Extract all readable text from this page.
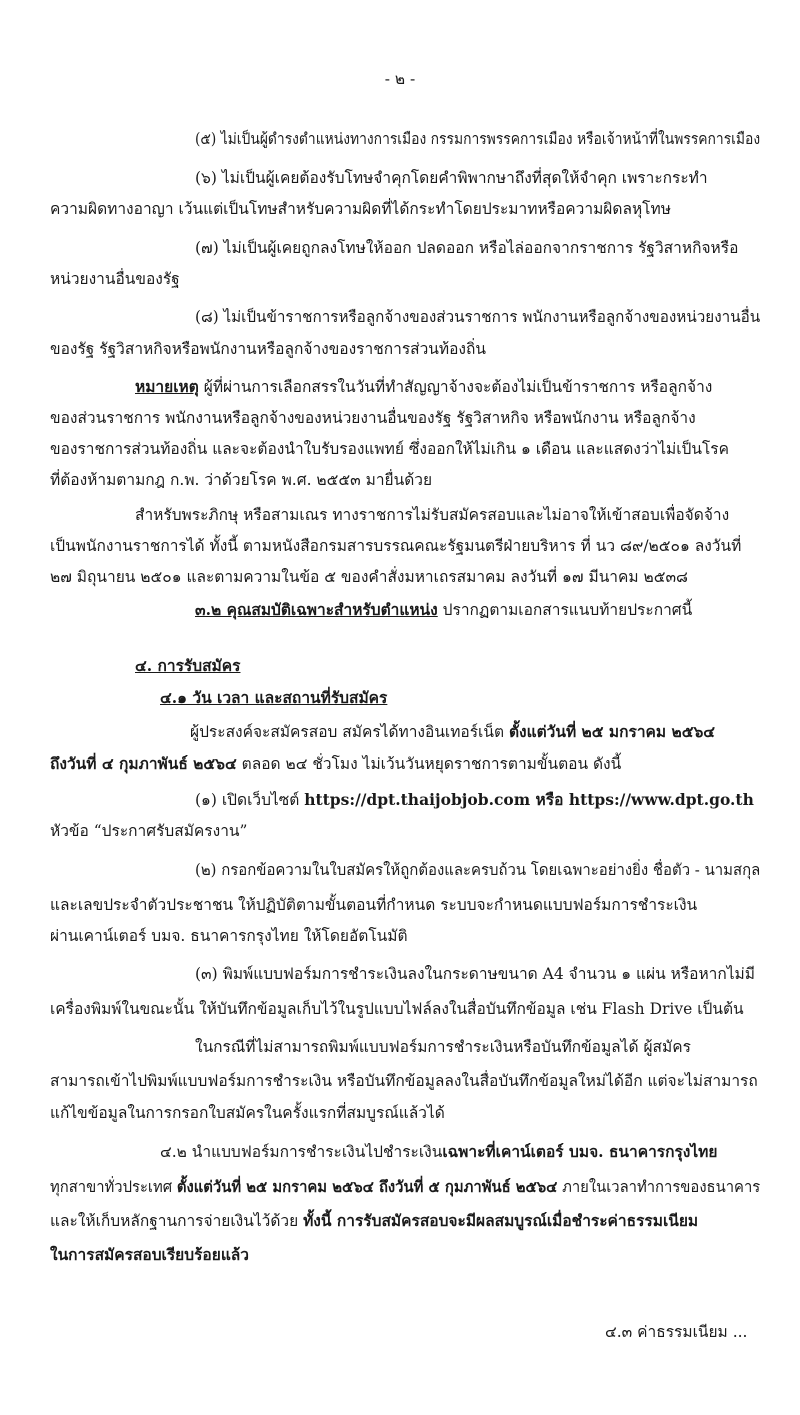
- ๒ -
(๕) ไม่เป็นผู้ดำรงตำแหน่งทางการเมือง กรรมการพรรคการเมือง หรือเจ้าหน้าที่ในพรรคการเมือง
(๖) ไม่เป็นผู้เคยต้องรับโทษจำคุกโดยคำพิพากษาถึงที่สุดให้จำคุก เพราะกระทำ
ความผิดทางอาญา เว้นแต่เป็นโทษสำหรับความผิดที่ได้กระทำโดยประมาทหรือความผิดลหุโทษ
(๗) ไม่เป็นผู้เคยถูกลงโทษให้ออก ปลดออก หรือไล่ออกจากราชการ รัฐวิสาหกิจหรือ
หน่วยงานอื่นของรัฐ
(๘) ไม่เป็นข้าราชการหรือลูกจ้างของส่วนราชการ พนักงานหรือลูกจ้างของหน่วยงานอื่น
ของรัฐ รัฐวิสาหกิจหรือพนักงานหรือลูกจ้างของราชการส่วนท้องถิ่น
หมายเหตุ ผู้ที่ผ่านการเลือกสรรในวันที่ทำสัญญาจ้างจะต้องไม่เป็นข้าราชการ หรือลูกจ้าง
ของส่วนราชการ พนักงานหรือลูกจ้างของหน่วยงานอื่นของรัฐ รัฐวิสาหกิจ หรือพนักงาน หรือลูกจ้าง
ของราชการส่วนท้องถิ่น และจะต้องนำใบรับรองแพทย์ ซึ่งออกให้ไม่เกิน ๑ เดือน และแสดงว่าไม่เป็นโรค
ที่ต้องห้ามตามกฎ ก.พ. ว่าด้วยโรค พ.ศ. ๒๕๕๓ มายื่นด้วย
สำหรับพระภิกษุ หรือสามเณร ทางราชการไม่รับสมัครสอบและไม่อาจให้เข้าสอบเพื่อจัดจ้าง
เป็นพนักงานราชการได้ ทั้งนี้ ตามหนังสือกรมสารบรรณคณะรัฐมนตรีฝ่ายบริหาร ที่ นว ๘๙/๒๕๐๑ ลงวันที่
๒๗ มิถุนายน ๒๕๐๑ และตามความในข้อ ๕ ของคำสั่งมหาเถรสมาคม ลงวันที่ ๑๗ มีนาคม ๒๕๓๘
๓.๒ คุณสมบัติเฉพาะสำหรับตำแหน่ง ปรากฏตามเอกสารแนบท้ายประกาศนี้
๔. การรับสมัคร
๔.๑ วัน เวลา และสถานที่รับสมัคร
ผู้ประสงค์จะสมัครสอบ สมัครได้ทางอินเทอร์เน็ต ตั้งแต่วันที่ ๒๕ มกราคม ๒๕๖๔
ถึงวันที่ ๔ กุมภาพันธ์ ๒๕๖๔ ตลอด ๒๔ ชั่วโมง ไม่เว้นวันหยุดราชการตามขั้นตอน ดังนี้
(๑) เปิดเว็บไซต์ https://dpt.thaijobjob.com หรือ https://www.dpt.go.th
หัวข้อ “ประกาศรับสมัครงาน”
(๒) กรอกข้อความในใบสมัครให้ถูกต้องและครบถ้วน โดยเฉพาะอย่างยิ่ง ชื่อตัว - นามสกุล
และเลขประจำตัวประชาชน ให้ปฏิบัติตามขั้นตอนที่กำหนด ระบบจะกำหนดแบบฟอร์มการชำระเงิน
ผ่านเคาน์เตอร์ บมจ. ธนาคารกรุงไทย ให้โดยอัตโนมัติ
(๓) พิมพ์แบบฟอร์มการชำระเงินลงในกระดาษขนาด A4 จำนวน ๑ แผ่น หรือหากไม่มี
เครื่องพิมพ์ในขณะนั้น ให้บันทึกข้อมูลเก็บไว้ในรูปแบบไฟล์ลงในสื่อบันทึกข้อมูล เช่น Flash Drive เป็นต้น
ในกรณีที่ไม่สามารถพิมพ์แบบฟอร์มการชำระเงินหรือบันทึกข้อมูลได้ ผู้สมัคร
สามารถเข้าไปพิมพ์แบบฟอร์มการชำระเงิน หรือบันทึกข้อมูลลงในสื่อบันทึกข้อมูลใหม่ได้อีก แต่จะไม่สามารถ
แก้ไขข้อมูลในการกรอกใบสมัครในครั้งแรกที่สมบูรณ์แล้วได้
๔.๒ นำแบบฟอร์มการชำระเงินไปชำระเงินเฉพาะที่เคาน์เตอร์ บมจ. ธนาคารกรุงไทย
ทุกสาขาทั่วประเทศ ตั้งแต่วันที่ ๒๕ มกราคม ๒๕๖๔ ถึงวันที่ ๕ กุมภาพันธ์ ๒๕๖๔ ภายในเวลาทำการของธนาคาร
และให้เก็บหลักฐานการจ่ายเงินไว้ด้วย ทั้งนี้ การรับสมัครสอบจะมีผลสมบูรณ์เมื่อชำระค่าธรรมเนียม
ในการสมัครสอบเรียบร้อยแล้ว
๔.๓ ค่าธรรมเนียม ...
